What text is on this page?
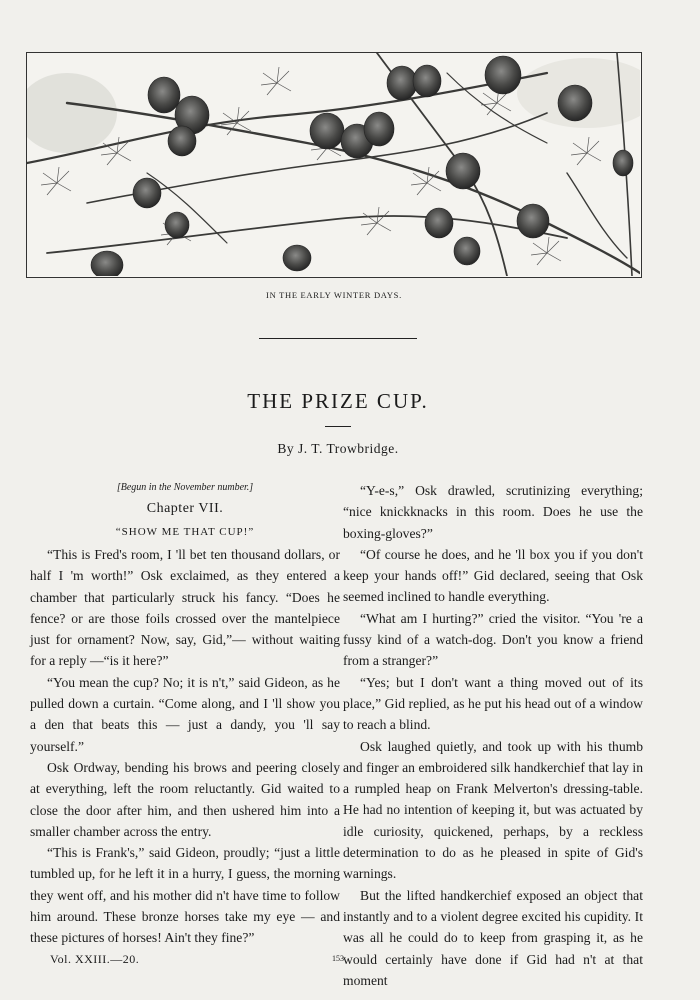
IN THE EARLY WINTER DAYS.
THE PRIZE CUP.
By J. T. Trowbridge.
[Begun in the November number.]
Chapter VII.
“SHOW ME THAT CUP!”

“This is Fred's room, I 'll bet ten thousand dollars, or half I 'm worth!” Osk exclaimed, as they entered a chamber that particularly struck his fancy. “Does he fence? or are those foils crossed over the mantelpiece just for ornament? Now, say, Gid,”— without waiting for a reply —“is it here?”

“You mean the cup? No; it is n't,” said Gideon, as he pulled down a curtain. “Come along, and I 'll show you a den that beats this — just a dandy, you 'll say yourself.”

Osk Ordway, bending his brows and peering closely at everything, left the room reluctantly. Gid waited to close the door after him, and then ushered him into a smaller chamber across the entry.

“This is Frank's,” said Gideon, proudly; “just a little tumbled up, for he left it in a hurry, I guess, the morning they went off, and his mother did n't have time to follow him around. These bronze horses take my eye — and these pictures of horses! Ain't they fine?”

“Y-e-s,” Osk drawled, scrutinizing everything; “nice knickknacks in this room. Does he use the boxing-gloves?”

“Of course he does, and he 'll box you if you don't keep your hands off!” Gid declared, seeing that Osk seemed inclined to handle everything.

“What am I hurting?” cried the visitor. “You 're a fussy kind of a watch-dog. Don't you know a friend from a stranger?”

“Yes; but I don't want a thing moved out of its place,” Gid replied, as he put his head out of a window to reach a blind.

Osk laughed quietly, and took up with his thumb and finger an embroidered silk handkerchief that lay in a rumpled heap on Frank Melverton's dressing-table. He had no intention of keeping it, but was actuated by idle curiosity, quickened, perhaps, by a reckless determination to do as he pleased in spite of Gid's warnings.

But the lifted handkerchief exposed an object that instantly and to a violent degree excited his cupidity. It was all he could do to keep from grasping it, as he would certainly have done if Gid had n't at that moment

Vol. XXIII.—20.	153
